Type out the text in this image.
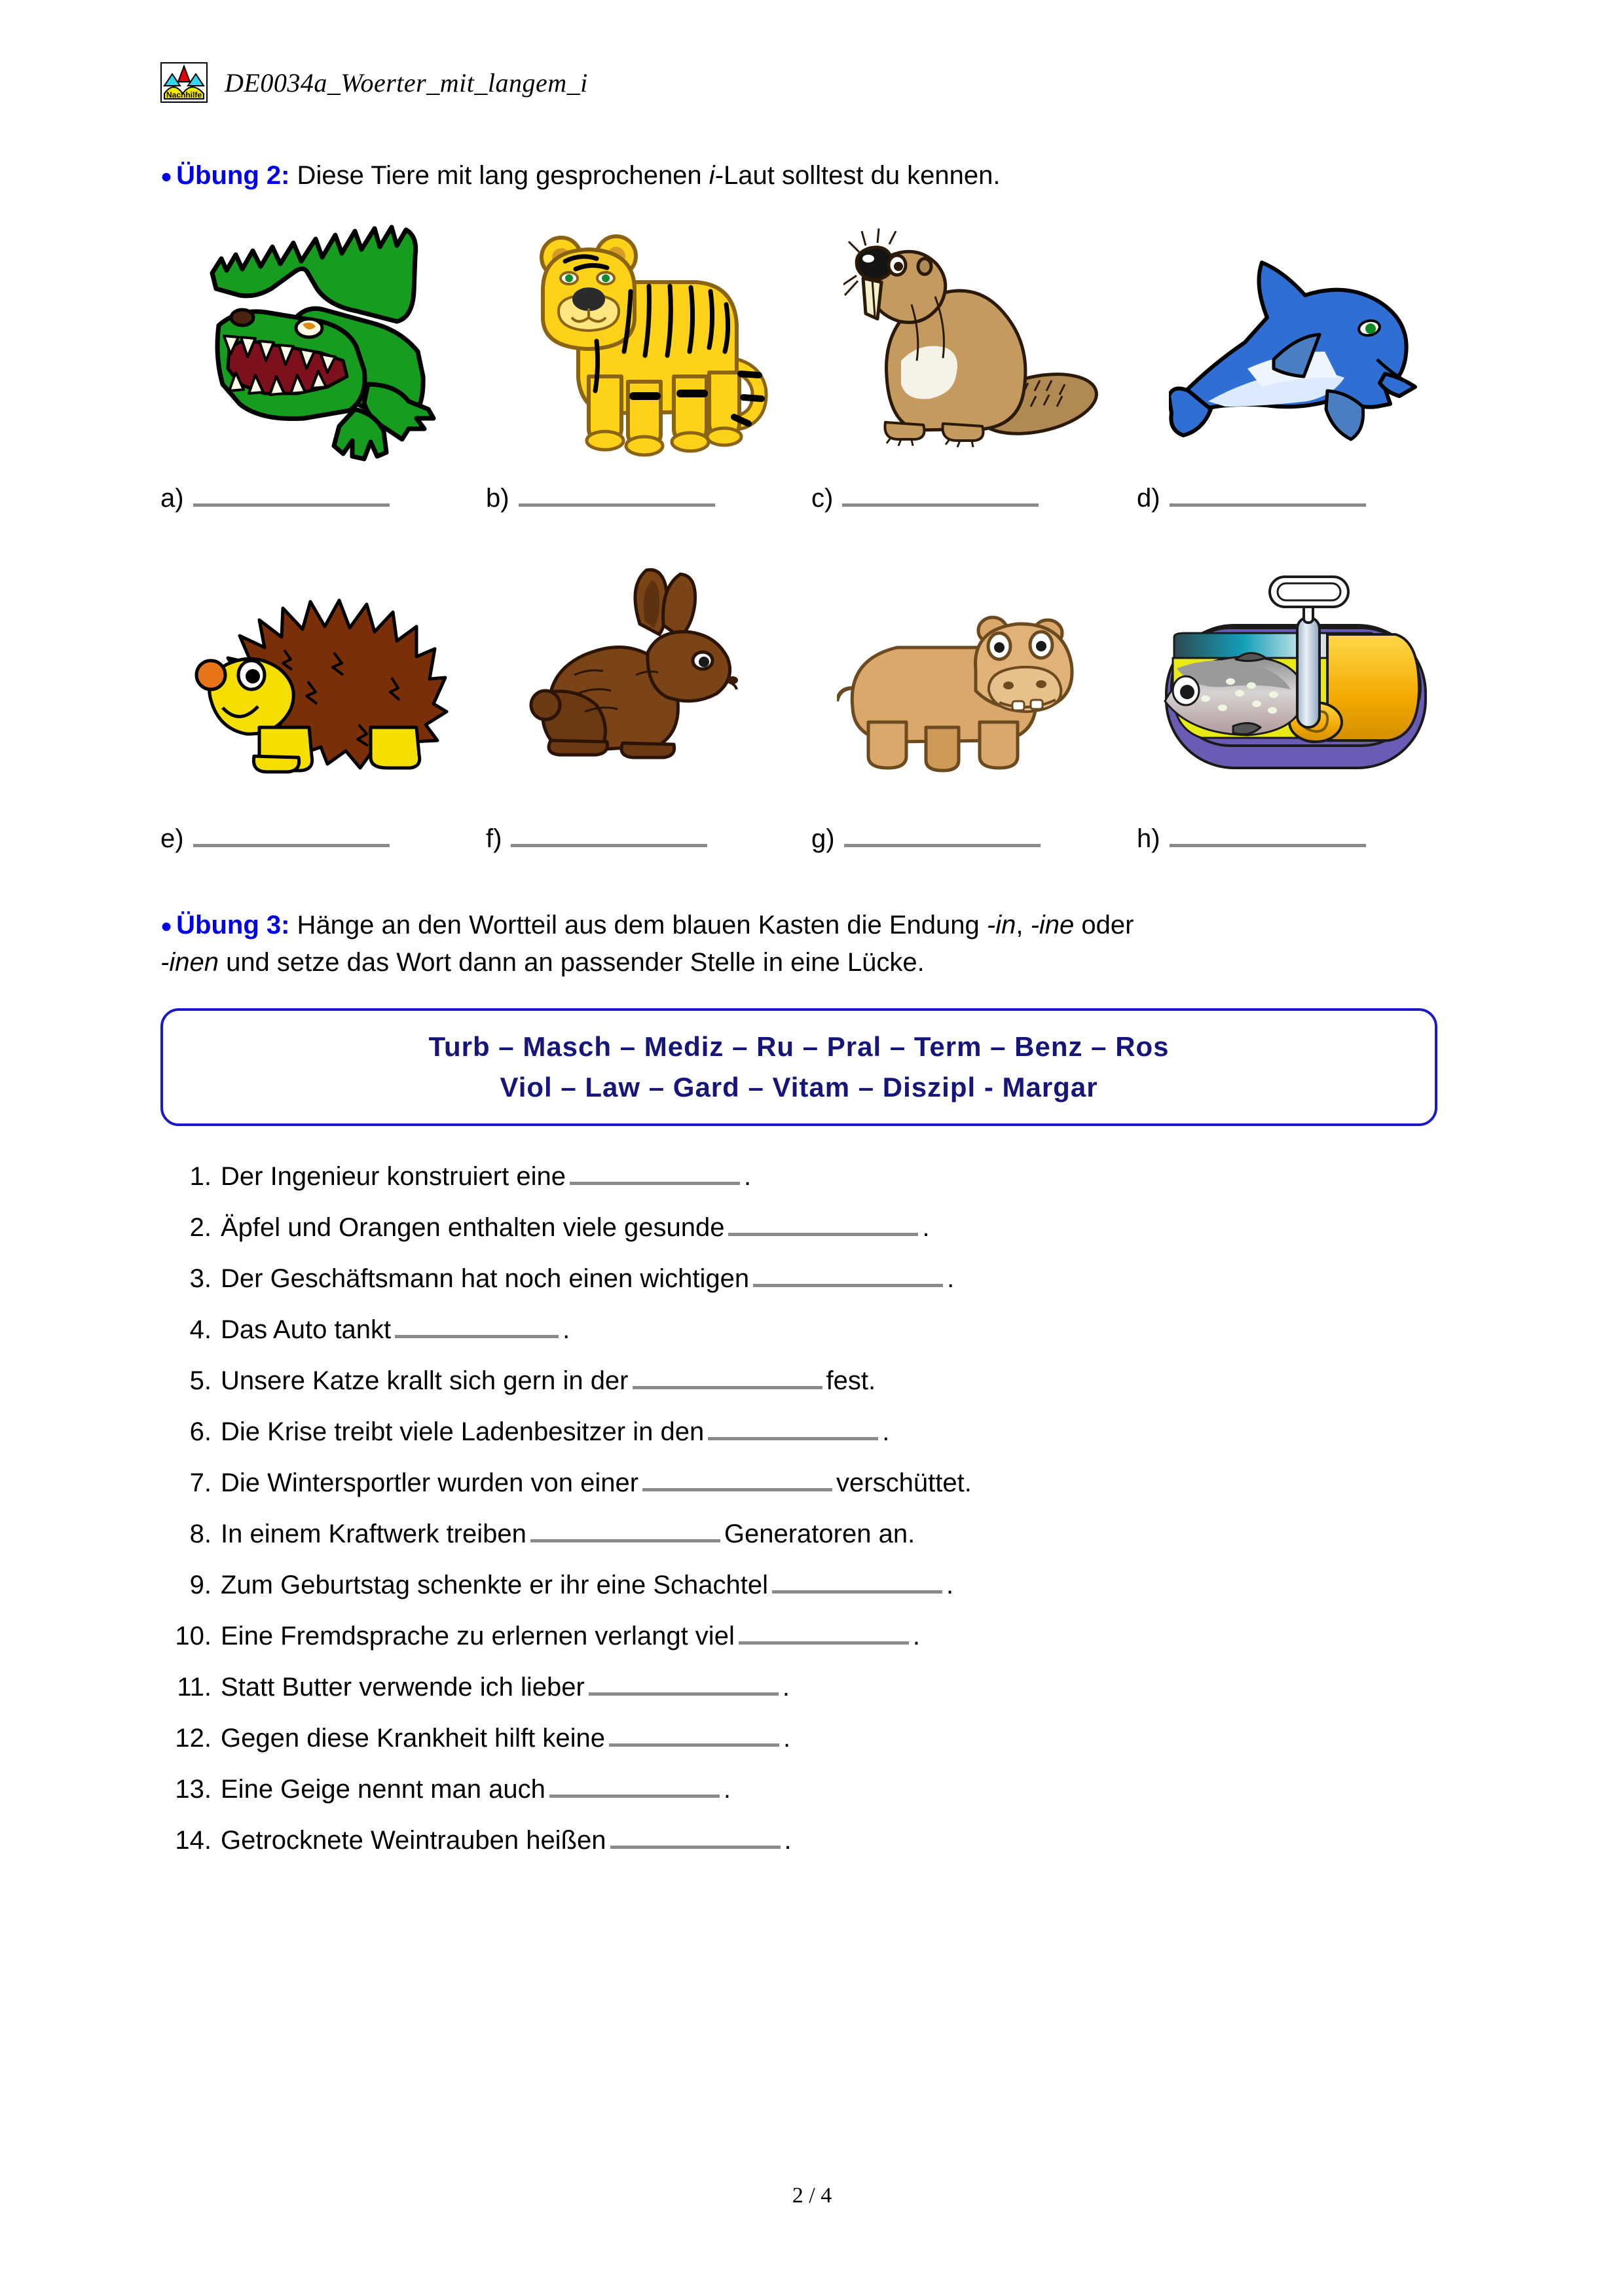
Nachhilfe DE0034a_Woerter_mit_langem_i
● Übung 2: Diese Tiere mit lang gesprochenen i-Laut solltest du kennen.
a)	b)	c)	d)
e)	f)	g)	h)
● Übung 3: Hänge an den Wortteil aus dem blauen Kasten die Endung -in, -ine oder
-inen und setze das Wort dann an passender Stelle in eine Lücke.
Turb – Masch – Mediz – Ru – Pral – Term – Benz – Ros
Viol – Law – Gard – Vitam – Diszipl - Margar
1. Der Ingenieur konstruiert eine	.
2. Äpfel und Orangen enthalten viele gesunde	.
3. Der Geschäftsmann hat noch einen wichtigen	.
4. Das Auto tankt	.
5. Unsere Katze krallt sich gern in der	fest.
6. Die Krise treibt viele Ladenbesitzer in den	.
7. Die Wintersportler wurden von einer	verschüttet.
8. In einem Kraftwerk treiben	Generatoren an.
9. Zum Geburtstag schenkte er ihr eine Schachtel	.
10. Eine Fremdsprache zu erlernen verlangt viel	.
11. Statt Butter verwende ich lieber	.
12. Gegen diese Krankheit hilft keine	.
13. Eine Geige nennt man auch	.
14. Getrocknete Weintrauben heißen	.
2 / 4
